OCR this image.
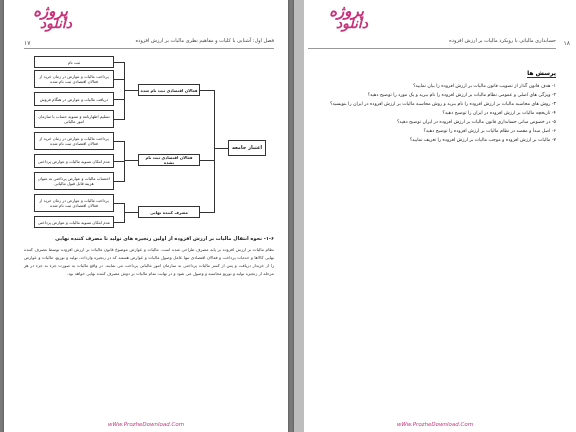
پروژه
دانلود
فصل اول: آشنایی با کلیات و مفاهیم نظری مالیات بر ارزش افزوده
۱۷
ثبت نام
پرداخت مالیات و عوارض در زمان خرید از فعالان اقتصادی ثبت نام شده
دریافت مالیات و عوارض در هنگام فروش
تسلیم اظهارنامه و تسویه حساب با سازمان امور مالیاتی
پرداخت مالیات و عوارض در زمان خرید از فعالان اقتصادی ثبت نام شده
عدم امکان تسویه مالیات و عوارض پرداختی
احتساب مالیات و عوارض پرداختی به عنوان هزینه قابل قبول مالیاتی
پرداخت مالیات و عوارض در زمان خرید از فعالان اقتصادی ثبت نام شده
عدم امکان تسویه مالیات و عوارض پرداختی
فعالان اقتصادی ثبت نام شده
فعالان اقتصادی ثبت نام نشده
مصرف کننده نهایی
اعتبار جامعه
۱-۶- نحوه انتقال مالیات بر ارزش افزوده از اولین زنجیره های تولید تا مصرف کننده نهایی
نظام مالیات بر ارزش افزوده بر پایه مصرف طراحی شده است. مالیات و عوارض موضوع قانون مالیات بر ارزش افزوده توسط مصرف کننده نهایی کالاها و خدمات پرداخت و فعالان اقتصادی تنها عامل وصول مالیات و عوارض هستند که در زنجیره واردات، تولید و توزیع، مالیات و عوارض را از خریدار دریافت و پس از کسر مالیات پرداختی به سازمان امور مالیاتی پرداخت می نمایند. در واقع مالیات به صورت جزء به جزء در هر مرحله از زنجیره تولید و توزیع محاسبه و وصول می شود و در نهایت تمام مالیات بر دوش مصرف کننده نهایی خواهد بود.
wWw.ProzheDownload.Com
پروژه
دانلود
حسابداری مالیاتی با رویکرد مالیات بر ارزش افزوده ۱۸
پرسش ها
۱- هدف قانون گذار از تصویب قانون مالیات بر ارزش افزوده را بیان نمایید؟
۲- ویژگی های اصلی و عمومی نظام مالیات بر ارزش افزوده را نام ببرید و یک مورد را توضیح دهید؟
۳- روش های محاسبه مالیات بر ارزش افزوده را نام ببرید و روش محاسبه مالیات بر ارزش افزوده در ایران را بنویسید؟
۴- تاریخچه مالیات بر ارزش افزوده در ایران را توضیح دهید؟
۵- در خصوص مبانی حسابداری قانون مالیات بر ارزش افزوده در ایران توضیح دهید؟
۶- اصل مبدأ و مقصد در نظام مالیات بر ارزش افزوده را توضیح دهید؟
۷- مالیات بر ارزش افزوده و موجب مالیات بر ارزش افزوده را تعریف نمایید؟
wWw.ProzheDownload.Com
